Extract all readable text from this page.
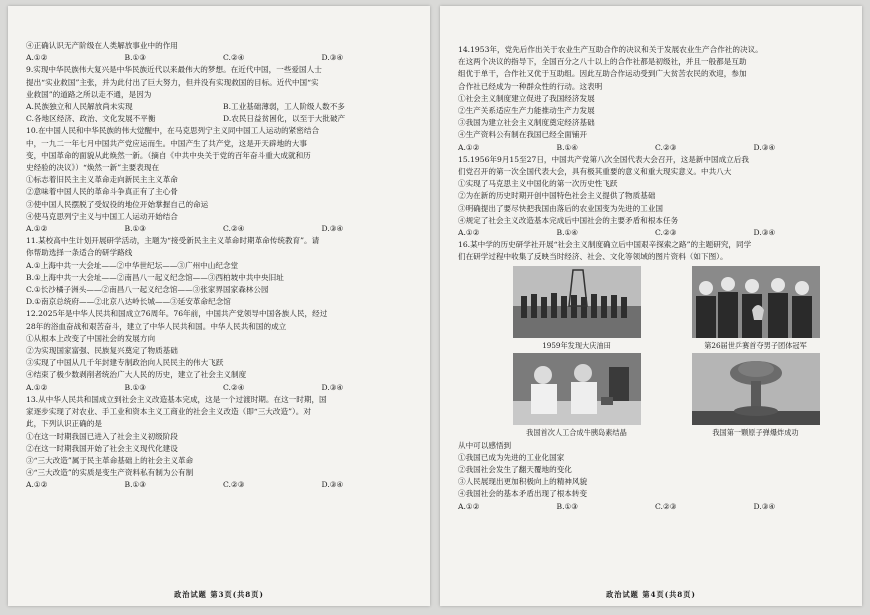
④正确认识无产阶级在人类解放事业中的作用
A.①②	B.①③	C.②④	D.③④
9.实现中华民族伟大复兴是中华民族近代以来最伟大的梦想。在近代中国，一些爱国人士
提出“实业救国”主张，并为此付出了巨大努力，但并没有实现救国的目标。近代中国“实
业救国”的道路之所以走不通，是因为
A.民族独立和人民解放尚未实现	B.工业基础薄弱，工人阶级人数不多
C.各地区经济、政治、文化发展不平衡	D.农民日益贫困化，以至于大批破产
10.在中国人民和中华民族的伟大觉醒中，在马克思列宁主义同中国工人运动的紧密结合
中，一九二一年七月中国共产党应运而生。中国产生了共产党，这是开天辟地的大事
变，中国革命的面貌从此焕然一新。（摘自《中共中央关于党的百年奋斗重大成就和历
史经验的决议》）“焕然一新”主要表现在
①标志着旧民主主义革命走向新民主主义革命
②意味着中国人民的革命斗争真正有了主心骨
③使中国人民摆脱了受奴役的地位开始掌握自己的命运
④使马克思列宁主义与中国工人运动开始结合
A.①②	B.①③	C.②④	D.③④
11.某校高中生计划开展研学活动，主题为“接受新民主主义革命时期革命传统教育”。请
你帮助选择一条适合的研学路线
A.①上海中共一大会址——②中华世纪坛——③广州中山纪念堂
B.①上海中共一大会址——②南昌八一起义纪念馆——③西柏坡中共中央旧址
C.①长沙橘子洲头——②南昌八一起义纪念馆——③张家界国家森林公园
D.①南京总统府——②北京八达岭长城——③延安革命纪念馆
12.2025年是中华人民共和国成立76周年。76年前，中国共产党领导中国各族人民，经过
28年的浴血奋战和艰苦奋斗，建立了中华人民共和国。中华人民共和国的成立
①从根本上改变了中国社会的发展方向
②为实现国家富强、民族复兴奠定了物质基础
③实现了中国从几千年封建专制政治向人民民主的伟大飞跃
④结束了极少数剥削者统治广大人民的历史，建立了社会主义制度
A.①②	B.①③	C.②④	D.③④
13.从中华人民共和国成立到社会主义改造基本完成，这是一个过渡时期。在这一时期，国
家逐步实现了对农业、手工业和资本主义工商业的社会主义改造（即“三大改造”）。对
此，下列认识正确的是
①在这一时期我国已进入了社会主义初级阶段
②在这一时期我国开始了社会主义现代化建设
③“三大改造”属于民主革命基础上的社会主义革命
④“三大改造”的实质是变生产资料私有制为公有制
A.①②	B.①③	C.②③	D.③④
政治试题 第3页(共8页)
14.1953年，党先后作出关于农业生产互助合作的决议和关于发展农业生产合作社的决议。
在这两个决议的指导下，全国百分之八十以上的合作社都是初级社，并且一般都是互助
组优于单干，合作社又优于互助组。因此互助合作运动受到广大贫苦农民的欢迎，参加
合作社已经成为一种群众性的行动。这表明
①社会主义制度建立促进了我国经济发展
②生产关系适应生产力能推动生产力发展
③我国为建立社会主义制度奠定经济基础
④生产资料公有制在我国已经全面铺开
A.①②	B.①④	C.②③	D.③④
15.1956年9月15至27日，中国共产党第八次全国代表大会召开，这是新中国成立后我
们党召开的第一次全国代表大会，具有极其重要的意义和重大现实意义。中共八大
①实现了马克思主义中国化的第一次历史性飞跃
②为在新的历史时期开创中国特色社会主义提供了物质基础
③明确提出了要尽快把我国由落后的农业国变为先进的工业国
④规定了社会主义改造基本完成后中国社会的主要矛盾和根本任务
A.①②	B.①④	C.②③	D.③④
16.某中学的历史研学社开展“社会主义制度确立后中国艰辛探索之路”的主题研究，同学
们在研学过程中收集了反映当时经济、社会、文化等领域的图片资料（如下图）。
1959年发现大庆油田	第26届世乒赛首夺男子团体冠军
我国首次人工合成牛胰岛素结晶	我国第一颗原子弹爆炸成功
从中可以感悟到
①我国已成为先进的工业化国家
②我国社会发生了翻天覆地的变化
③人民展现出更加积极向上的精神风貌
④我国社会的基本矛盾出现了根本转变
A.①②	B.①③	C.②③	D.③④
政治试题 第4页(共8页)
